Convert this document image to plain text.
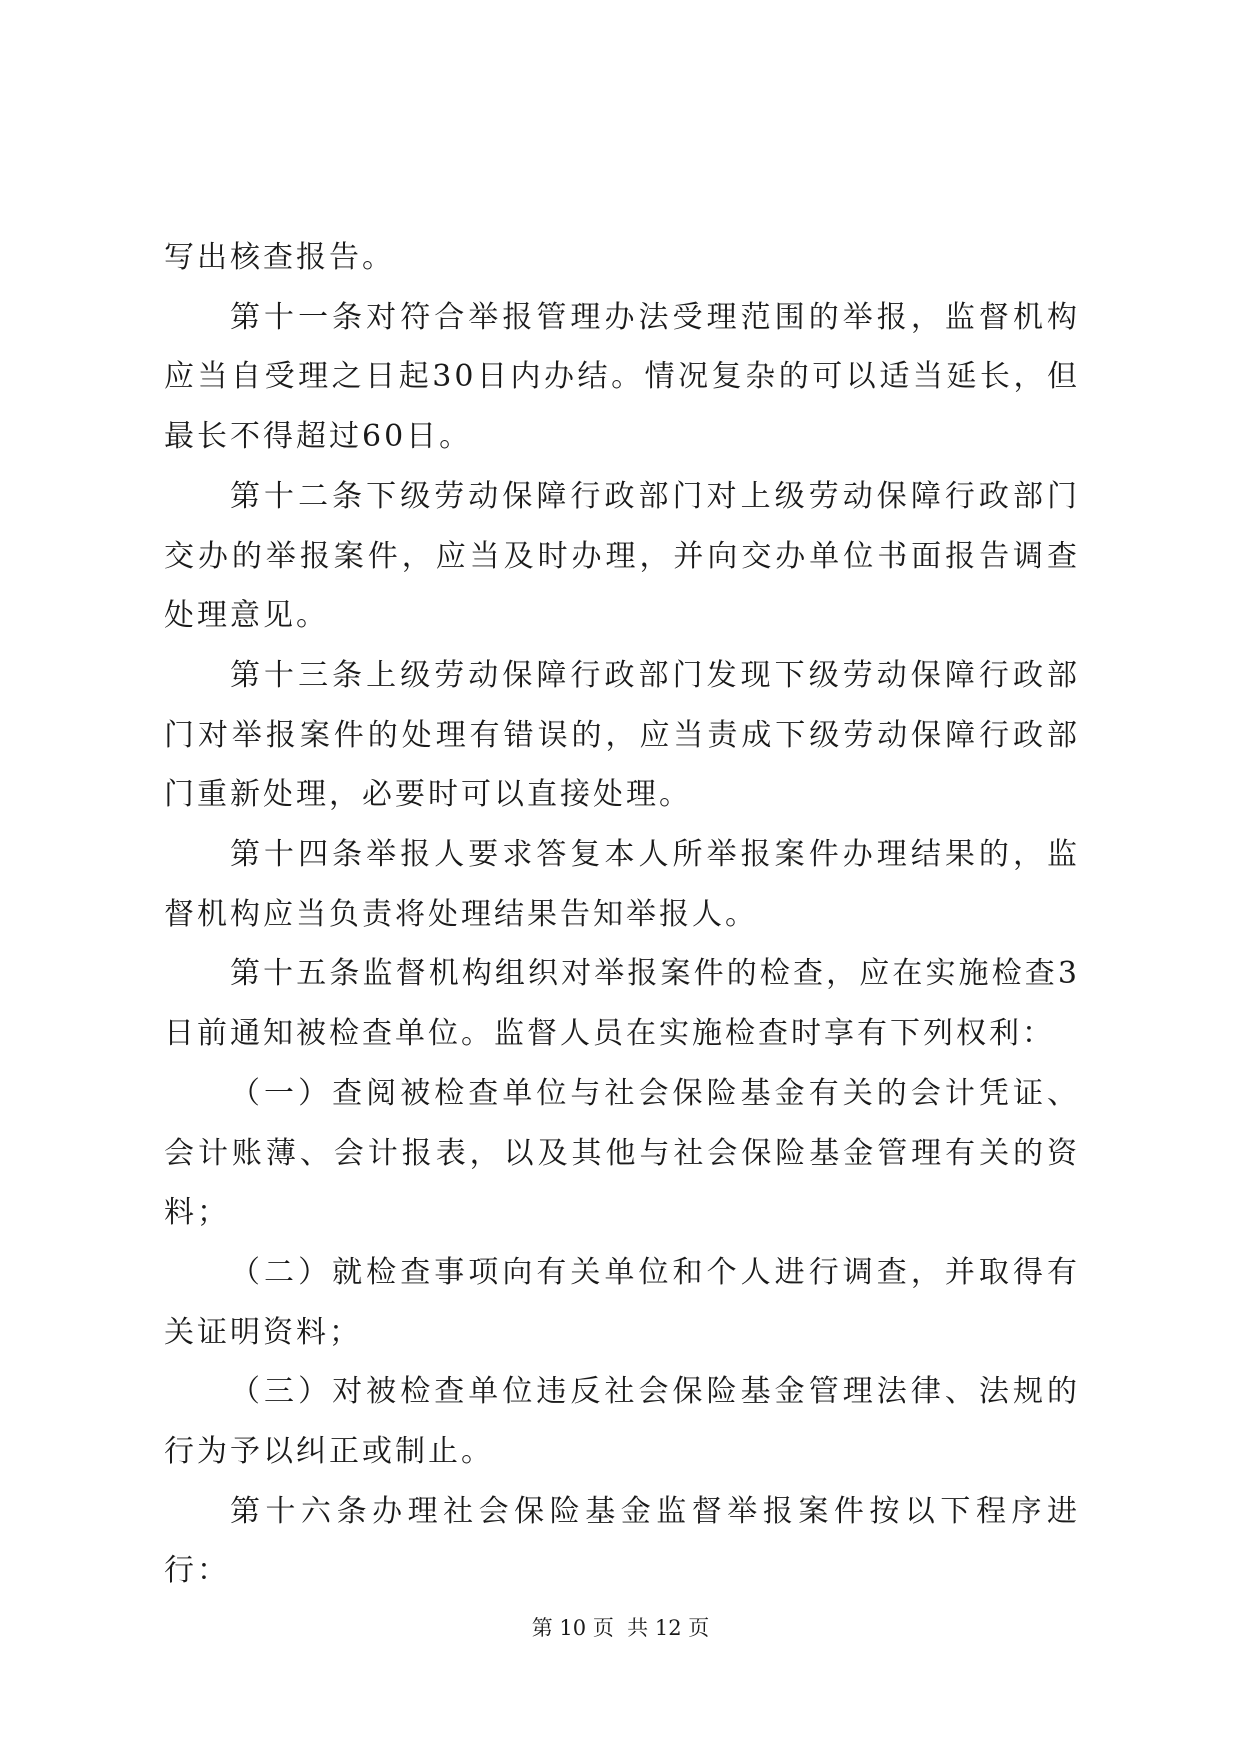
写出核查报告。

第十一条对符合举报管理办法受理范围的举报，监督机构应当自受理之日起30日内办结。情况复杂的可以适当延长，但最长不得超过60日。

第十二条下级劳动保障行政部门对上级劳动保障行政部门交办的举报案件，应当及时办理，并向交办单位书面报告调查处理意见。

第十三条上级劳动保障行政部门发现下级劳动保障行政部门对举报案件的处理有错误的，应当责成下级劳动保障行政部门重新处理，必要时可以直接处理。

第十四条举报人要求答复本人所举报案件办理结果的，监督机构应当负责将处理结果告知举报人。

第十五条监督机构组织对举报案件的检查，应在实施检查3日前通知被检查单位。监督人员在实施检查时享有下列权利：

（一）查阅被检查单位与社会保险基金有关的会计凭证、会计账薄、会计报表，以及其他与社会保险基金管理有关的资料；

（二）就检查事项向有关单位和个人进行调查，并取得有关证明资料；

（三）对被检查单位违反社会保险基金管理法律、法规的行为予以纠正或制止。

第十六条办理社会保险基金监督举报案件按以下程序进行：

第 10 页  共 12 页
